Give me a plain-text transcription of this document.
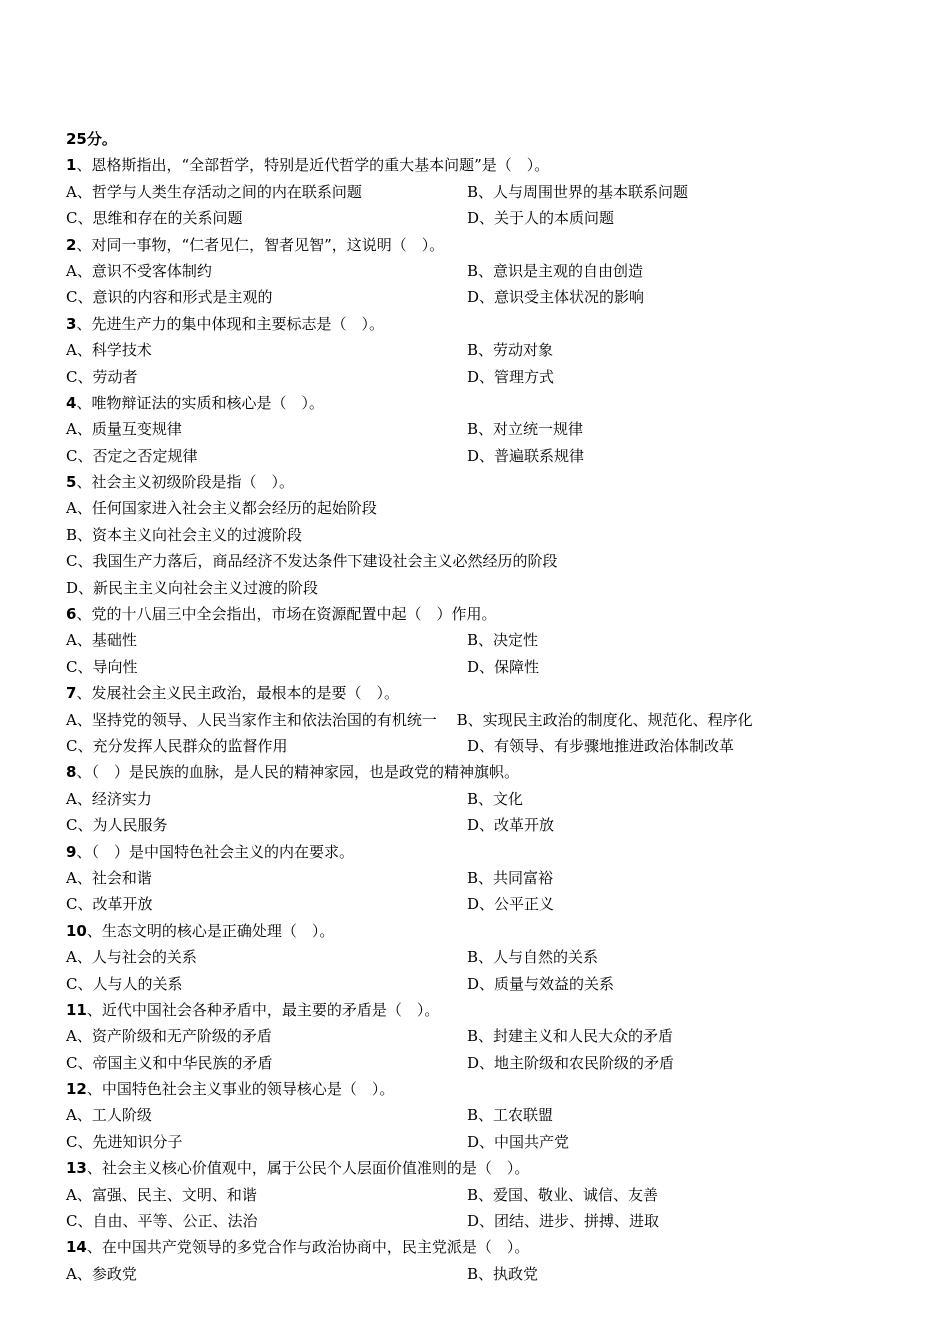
25分。
1、恩格斯指出，“全部哲学，特别是近代哲学的重大基本问题”是（　）。
A、哲学与人类生存活动之间的内在联系问题	B、人与周围世界的基本联系问题
C、思维和存在的关系问题	D、关于人的本质问题
2、对同一事物，“仁者见仁，智者见智”，这说明（　）。
A、意识不受客体制约	B、意识是主观的自由创造
C、意识的内容和形式是主观的	D、意识受主体状况的影响
3、先进生产力的集中体现和主要标志是（　）。
A、科学技术	B、劳动对象
C、劳动者	D、管理方式
4、唯物辩证法的实质和核心是（　）。
A、质量互变规律	B、对立统一规律
C、否定之否定规律	D、普遍联系规律
5、社会主义初级阶段是指（　）。
A、任何国家进入社会主义都会经历的起始阶段
B、资本主义向社会主义的过渡阶段
C、我国生产力落后，商品经济不发达条件下建设社会主义必然经历的阶段
D、新民主主义向社会主义过渡的阶段
6、党的十八届三中全会指出，市场在资源配置中起（　）作用。
A、基础性	B、决定性
C、导向性	D、保障性
7、发展社会主义民主政治，最根本的是要（　）。
A、坚持党的领导、人民当家作主和依法治国的有机统一　 B、实现民主政治的制度化、规范化、程序化
C、充分发挥人民群众的监督作用	D、有领导、有步骤地推进政治体制改革
8、（　）是民族的血脉，是人民的精神家园，也是政党的精神旗帜。
A、经济实力	B、文化
C、为人民服务	D、改革开放
9、（　）是中国特色社会主义的内在要求。
A、社会和谐	B、共同富裕
C、改革开放	D、公平正义
10、生态文明的核心是正确处理（　）。
A、人与社会的关系	B、人与自然的关系
C、人与人的关系	D、质量与效益的关系
11、近代中国社会各种矛盾中，最主要的矛盾是（　）。
A、资产阶级和无产阶级的矛盾	B、封建主义和人民大众的矛盾
C、帝国主义和中华民族的矛盾	D、地主阶级和农民阶级的矛盾
12、中国特色社会主义事业的领导核心是（　）。
A、工人阶级	B、工农联盟
C、先进知识分子	D、中国共产党
13、社会主义核心价值观中，属于公民个人层面价值准则的是（　）。
A、富强、民主、文明、和谐	B、爱国、敬业、诚信、友善
C、自由、平等、公正、法治	D、团结、进步、拼搏、进取
14、在中国共产党领导的多党合作与政治协商中，民主党派是（　）。
A、参政党	B、执政党
